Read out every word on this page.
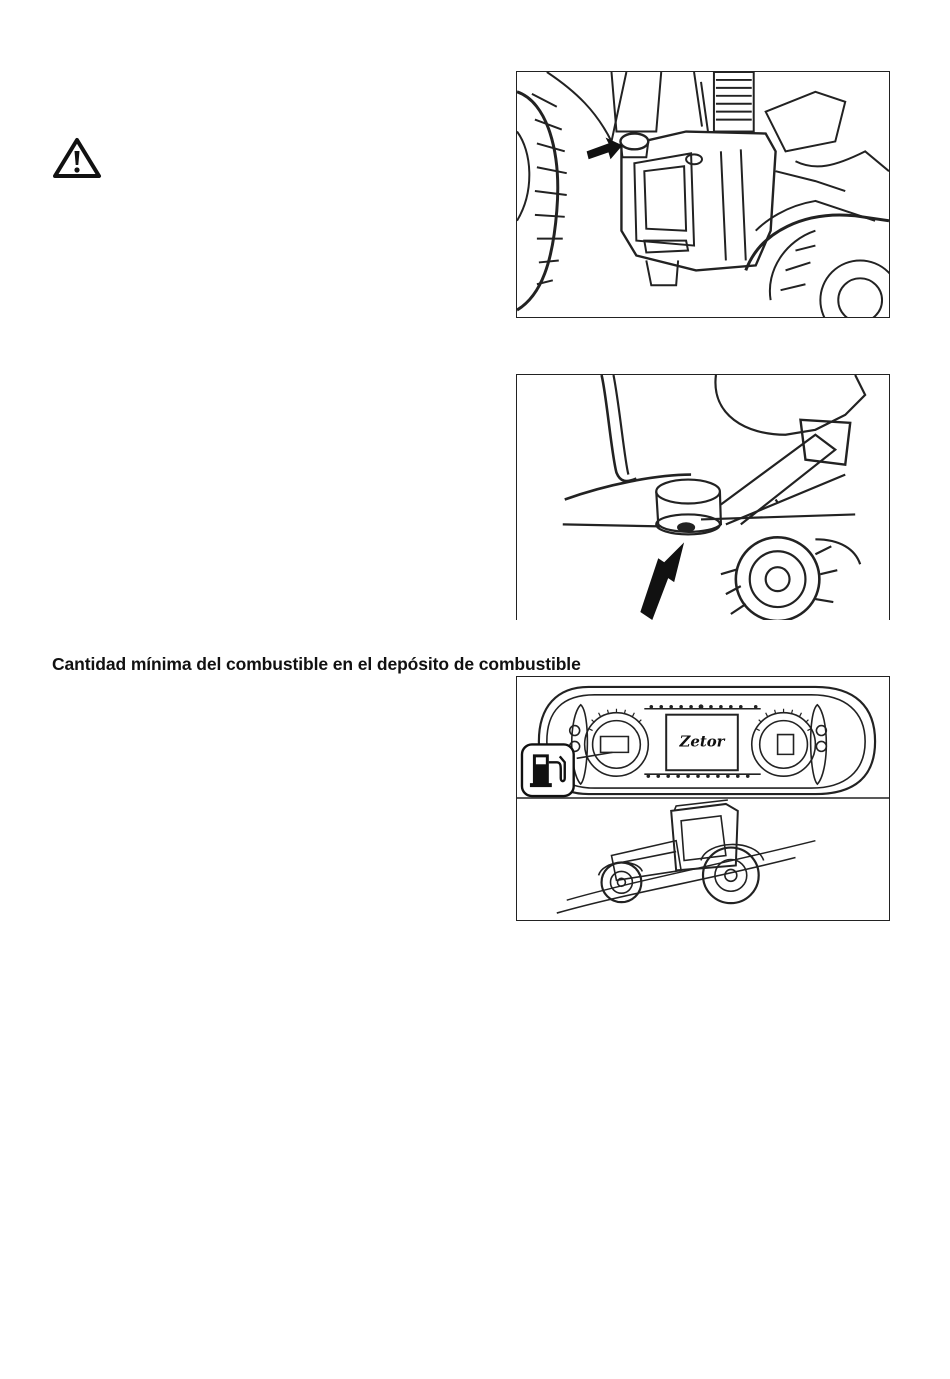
Cantidad mínima del combustible en el depósito de combustible
Zetor
